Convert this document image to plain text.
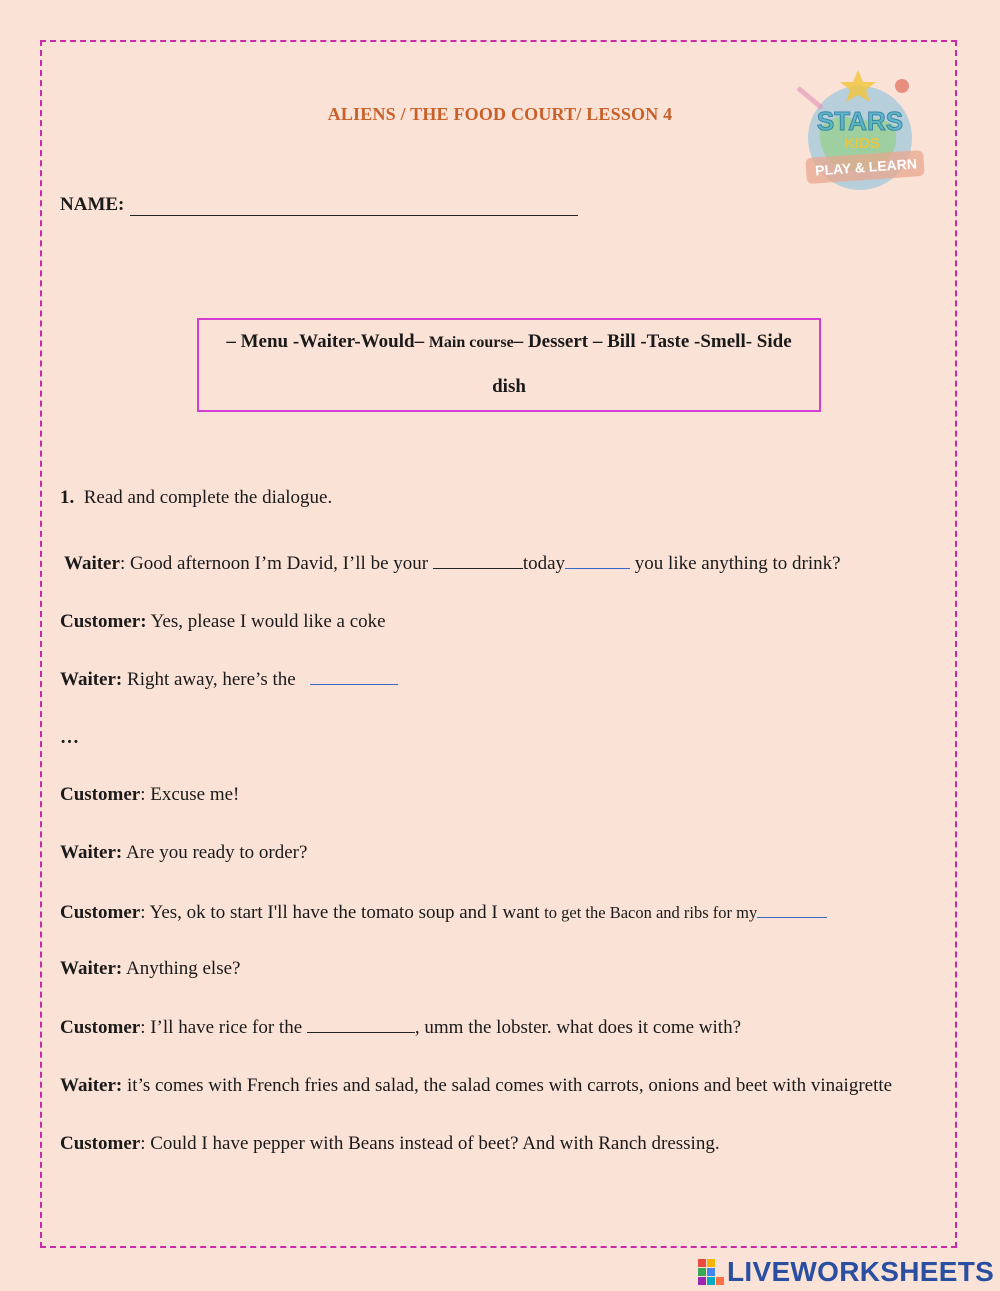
ALIENS / THE FOOD COURT/ LESSON 4	STARS
KIDS
PLAY & LEARN
NAME:
– Menu -Waiter-Would– Main course– Dessert – Bill -Taste -Smell- Side
dish
1. Read and complete the dialogue.
Waiter: Good afternoon I’m David, I’ll be your	today	you like anything to drink?
Customer: Yes, please I would like a coke
Waiter: Right away, here’s the
…
Customer: Excuse me!
Waiter: Are you ready to order?
Customer: Yes, ok to start I'll have the tomato soup and I want to get the Bacon and ribs for my
Waiter: Anything else?
Customer: I’ll have rice for the	, umm the lobster. what does it come with?
Waiter: it’s comes with French fries and salad, the salad comes with carrots, onions and beet with vinaigrette
Customer: Could I have pepper with Beans instead of beet? And with Ranch dressing.
LIVEWORKSHEETS
